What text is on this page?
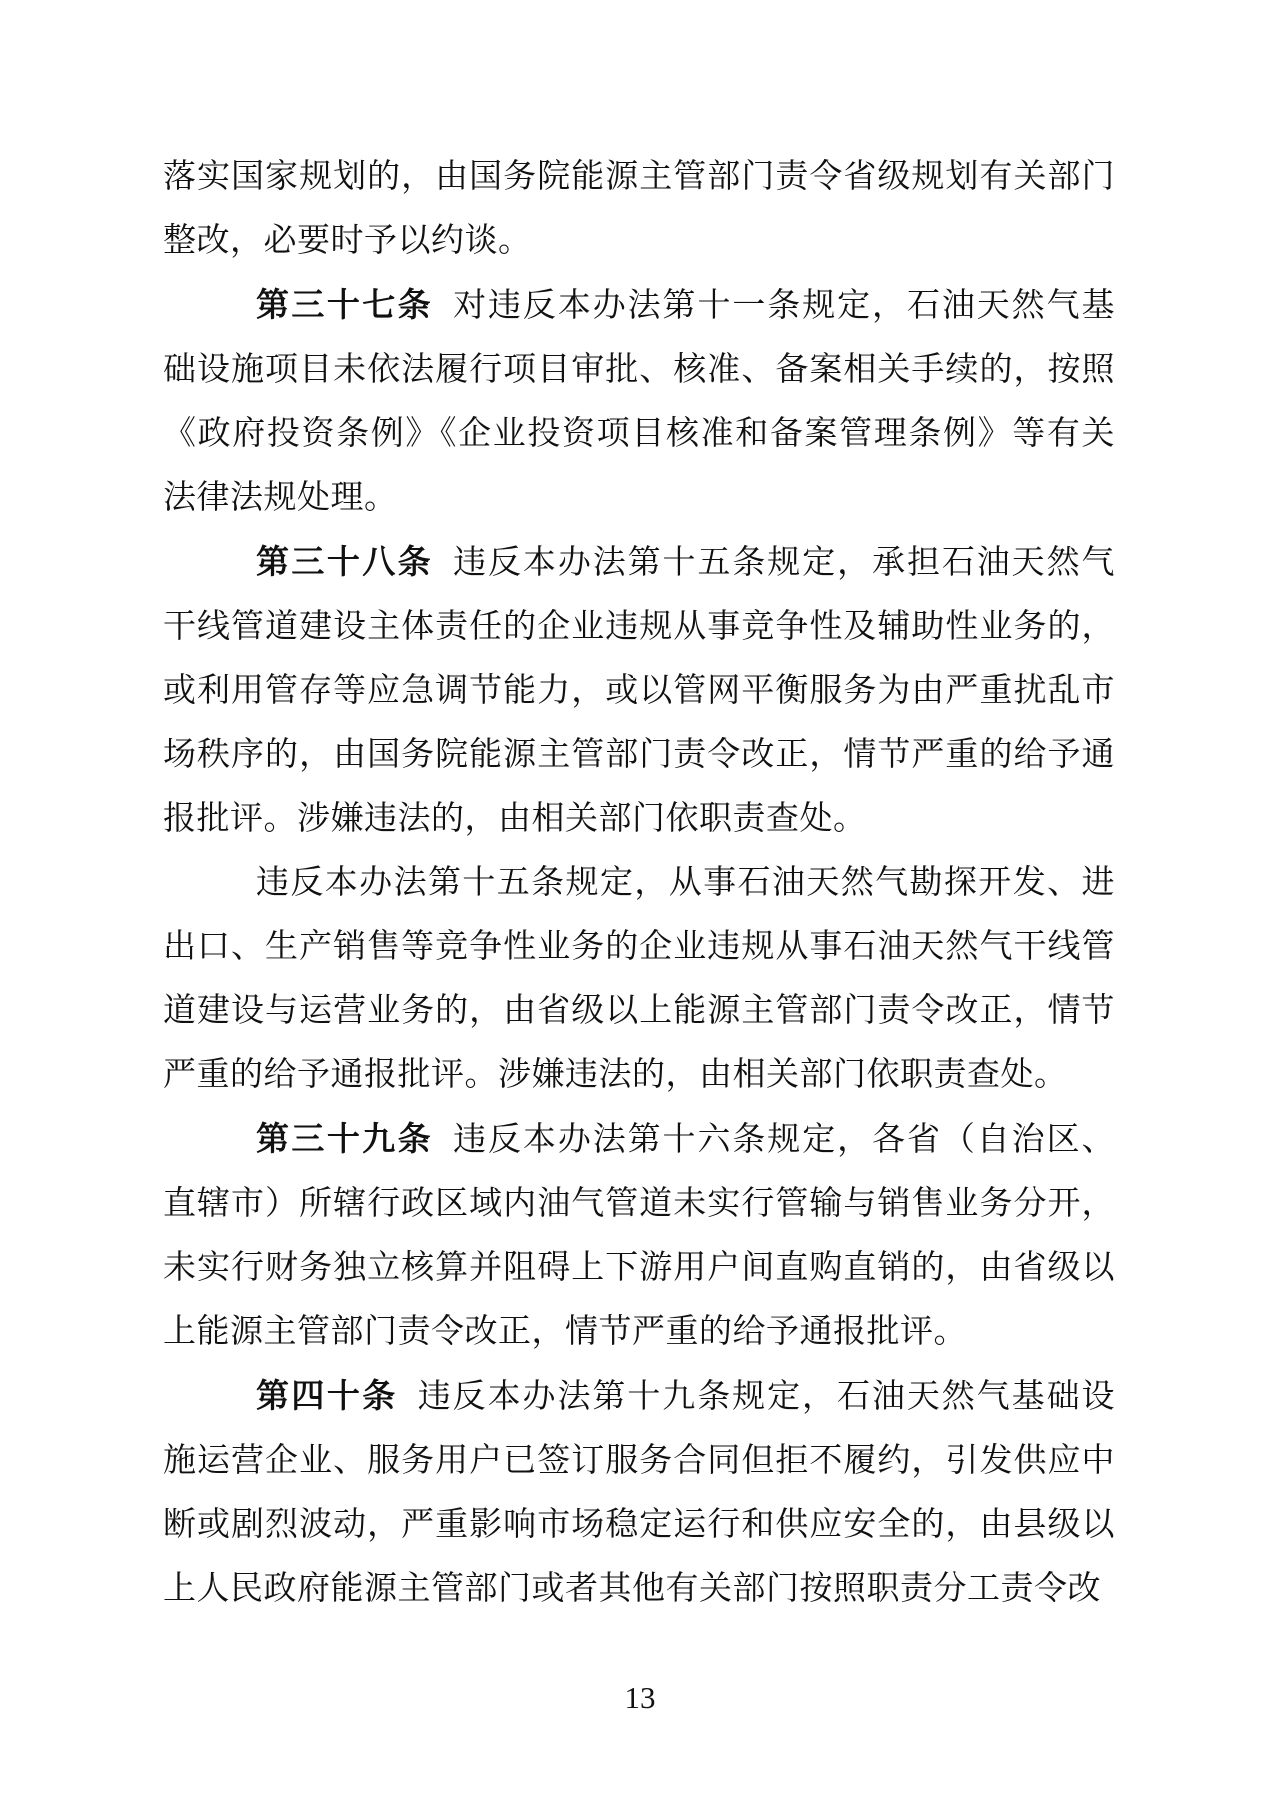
落实国家规划的，由国务院能源主管部门责令省级规划有关部门整改，必要时予以约谈。

第三十七条 对违反本办法第十一条规定，石油天然气基础设施项目未依法履行项目审批、核准、备案相关手续的，按照《政府投资条例》《企业投资项目核准和备案管理条例》等有关法律法规处理。

第三十八条 违反本办法第十五条规定，承担石油天然气干线管道建设主体责任的企业违规从事竞争性及辅助性业务的，或利用管存等应急调节能力，或以管网平衡服务为由严重扰乱市场秩序的，由国务院能源主管部门责令改正，情节严重的给予通报批评。涉嫌违法的，由相关部门依职责查处。

违反本办法第十五条规定，从事石油天然气勘探开发、进出口、生产销售等竞争性业务的企业违规从事石油天然气干线管道建设与运营业务的，由省级以上能源主管部门责令改正，情节严重的给予通报批评。涉嫌违法的，由相关部门依职责查处。

第三十九条 违反本办法第十六条规定，各省（自治区、直辖市）所辖行政区域内油气管道未实行管输与销售业务分开，未实行财务独立核算并阻碍上下游用户间直购直销的，由省级以上能源主管部门责令改正，情节严重的给予通报批评。

第四十条 违反本办法第十九条规定，石油天然气基础设施运营企业、服务用户已签订服务合同但拒不履约，引发供应中断或剧烈波动，严重影响市场稳定运行和供应安全的，由县级以上人民政府能源主管部门或者其他有关部门按照职责分工责令改

13
